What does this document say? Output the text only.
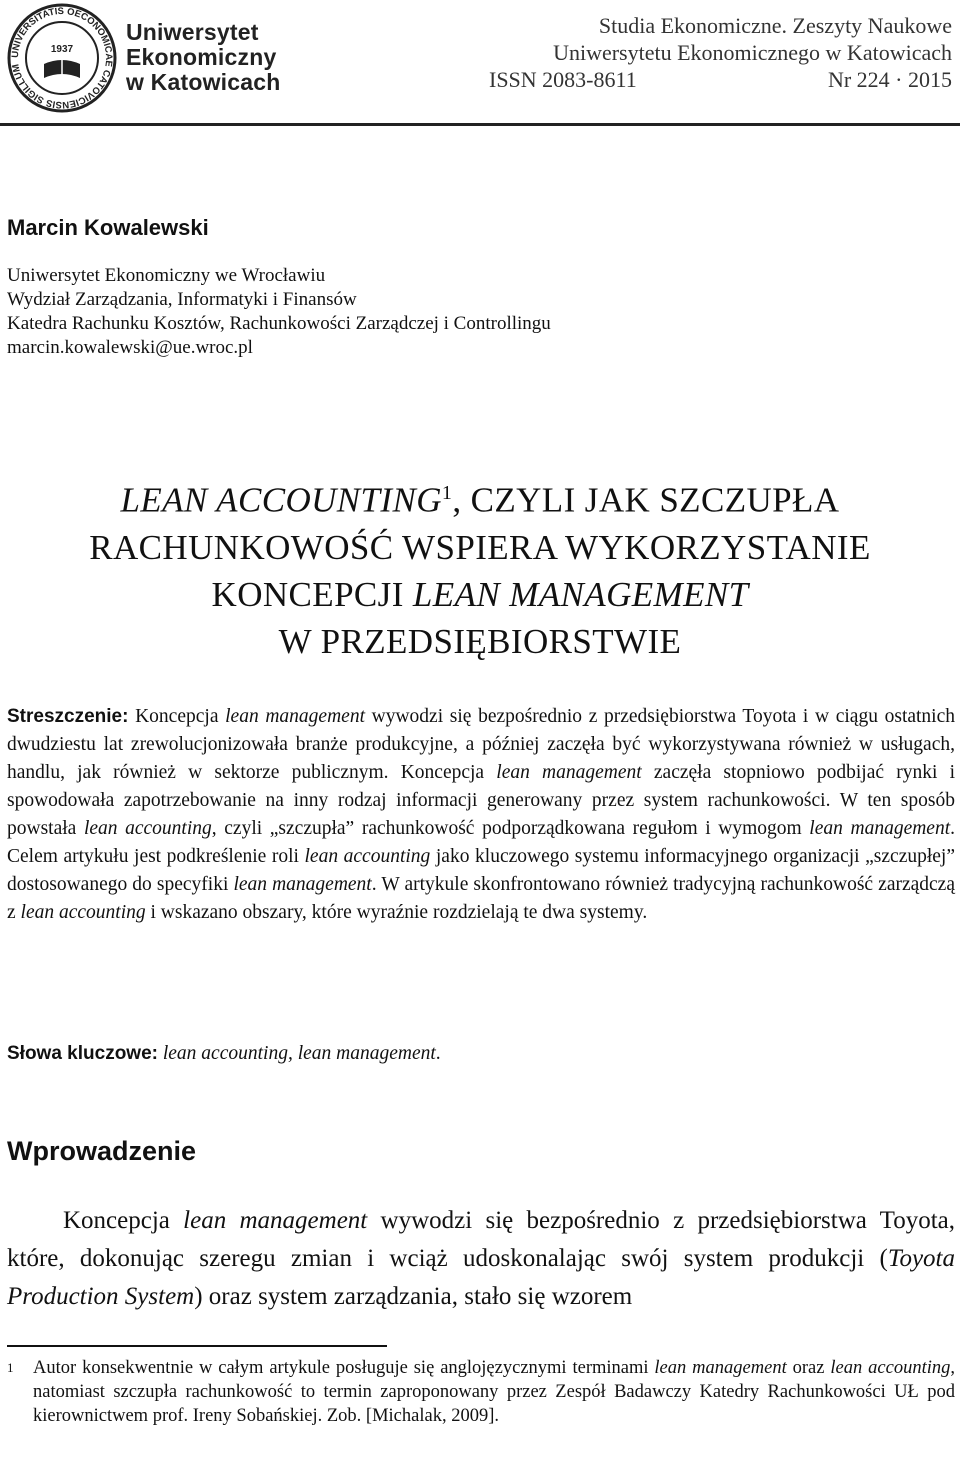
UNIVERSITATIS OECONOMICAE CATOVICIENSIS SIGILLUM
1937
Uniwersytet
Ekonomiczny
w Katowicach
Studia Ekonomiczne. Zeszyty Naukowe
Uniwersytetu Ekonomicznego w Katowicach
ISSN 2083-8611	Nr 224 · 2015
Marcin Kowalewski
Uniwersytet Ekonomiczny we Wrocławiu
Wydział Zarządzania, Informatyki i Finansów
Katedra Rachunku Kosztów, Rachunkowości Zarządczej i Controllingu
marcin.kowalewski@ue.wroc.pl
LEAN ACCOUNTING$^1$, CZYLI JAK SZCZUPŁA
RACHUNKOWOŚĆ WSPIERA WYKORZYSTANIE
KONCEPCJI LEAN MANAGEMENT
W PRZEDSIĘBIORSTWIE
Streszczenie: Koncepcja lean management wywodzi się bezpośrednio z przedsiębiorstwa Toyota i w ciągu ostatnich dwudziestu lat zrewolucjonizowała branże produkcyjne, a później zaczęła być wykorzystywana również w usługach, handlu, jak również w sektorze publicznym. Koncepcja lean management zaczęła stopniowo podbijać rynki i spowodowała zapotrzebowanie na inny rodzaj informacji generowany przez system rachunkowości. W ten sposób powstała lean accounting, czyli „szczupła” rachunkowość podporządkowana regułom i wymogom lean management. Celem artykułu jest podkreślenie roli lean accounting jako kluczowego systemu informacyjnego organizacji „szczupłej” dostosowanego do specyfiki lean management. W artykule skonfrontowano również tradycyjną rachunkowość zarządczą z lean accounting i wskazano obszary, które wyraźnie rozdzielają te dwa systemy.
Słowa kluczowe: lean accounting, lean management.
Wprowadzenie
Koncepcja lean management wywodzi się bezpośrednio z przedsiębiorstwa Toyota, które, dokonując szeregu zmian i wciąż udoskonalając swój system produkcji (Toyota Production System) oraz system zarządzania, stało się wzorem
1 Autor konsekwentnie w całym artykule posługuje się anglojęzycznymi terminami lean management oraz lean accounting, natomiast szczupła rachunkowość to termin zaproponowany przez Zespół Badawczy Katedry Rachunkowości UŁ pod kierownictwem prof. Ireny Sobańskiej. Zob. [Michalak, 2009].
